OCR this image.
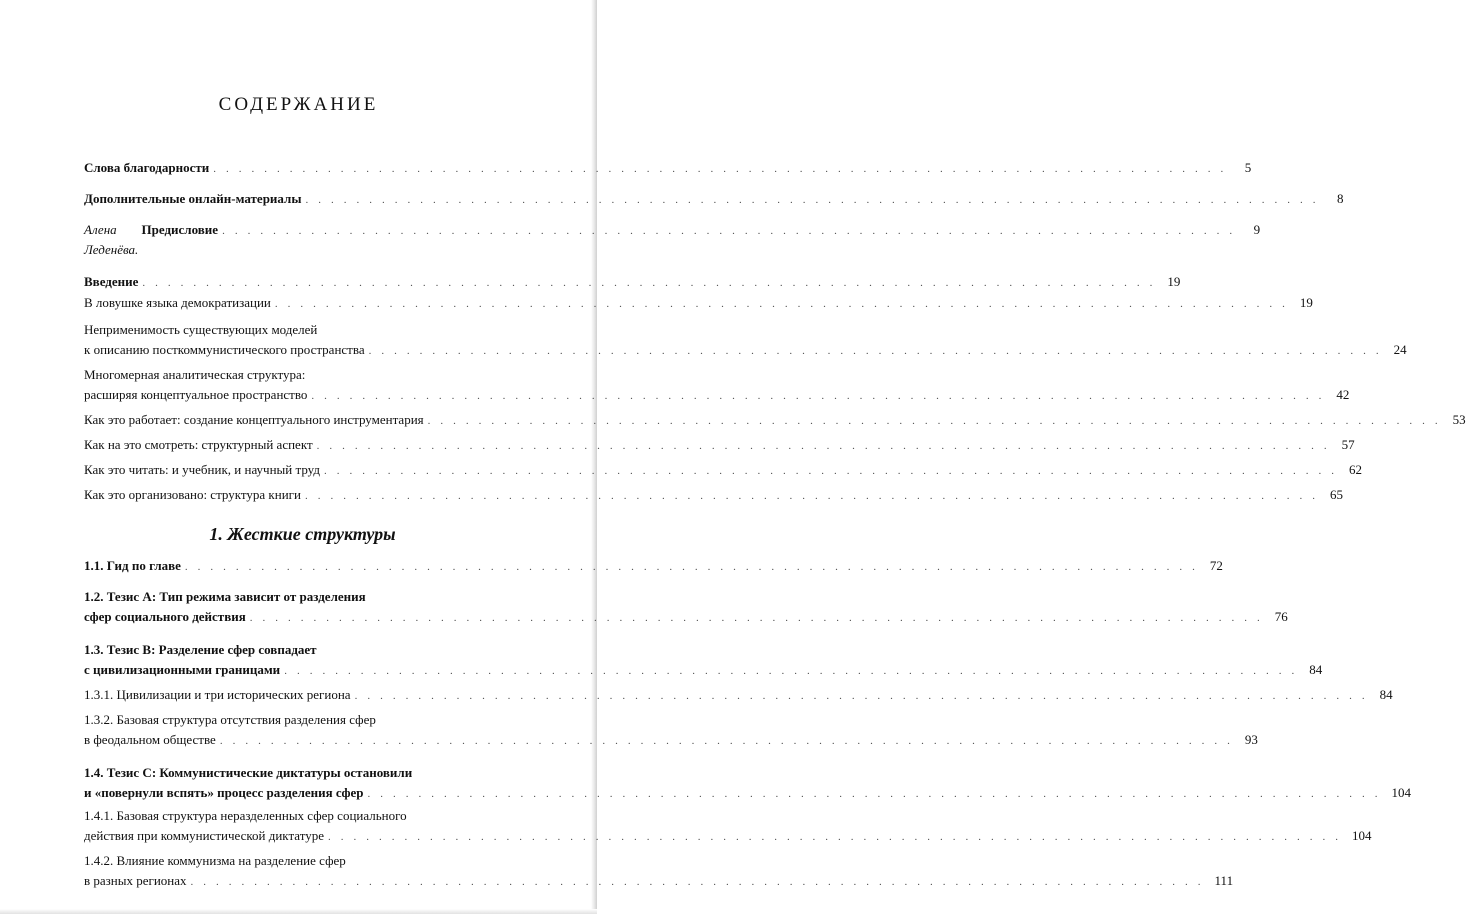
СОДЕРЖАНИЕ
Слова благодарности ................................................................................ 5
Дополнительные онлайн-материалы ................................................................................ 8
Алена Леденёва.

Предисловие ................................................................................ 9
Введение ................................................................................ 19
В ловушке языка демократизации ................................................................................ 19
Неприменимость существующих моделей
к описанию посткоммунистического пространства ................................................................................ 24
Многомерная аналитическая структура:
расширяя концептуальное пространство ................................................................................ 42
Как это работает: создание концептуального инструментария ................................................................................ 53
Как на это смотреть: структурный аспект ................................................................................ 57
Как это читать: и учебник, и научный труд ................................................................................ 62
Как это организовано: структура книги ................................................................................ 65
1. Жесткие структуры
1.1. Гид по главе ................................................................................ 72
1.2. Тезис А: Тип режима зависит от разделения
сфер социального действия ................................................................................ 76
1.3. Тезис В: Разделение сфер совпадает
с цивилизационными границами ................................................................................ 84
1.3.1. Цивилизации и три исторических региона ................................................................................ 84
1.3.2. Базовая структура отсутствия разделения сфер
в феодальном обществе ................................................................................ 93
1.4. Тезис С: Коммунистические диктатуры остановили
и «повернули вспять» процесс разделения сфер ................................................................................ 104
1.4.1. Базовая структура неразделенных сфер социального
действия при коммунистической диктатуре ................................................................................ 104
1.4.2. Влияние коммунизма на разделение сфер
в разных регионах ................................................................................ 111
